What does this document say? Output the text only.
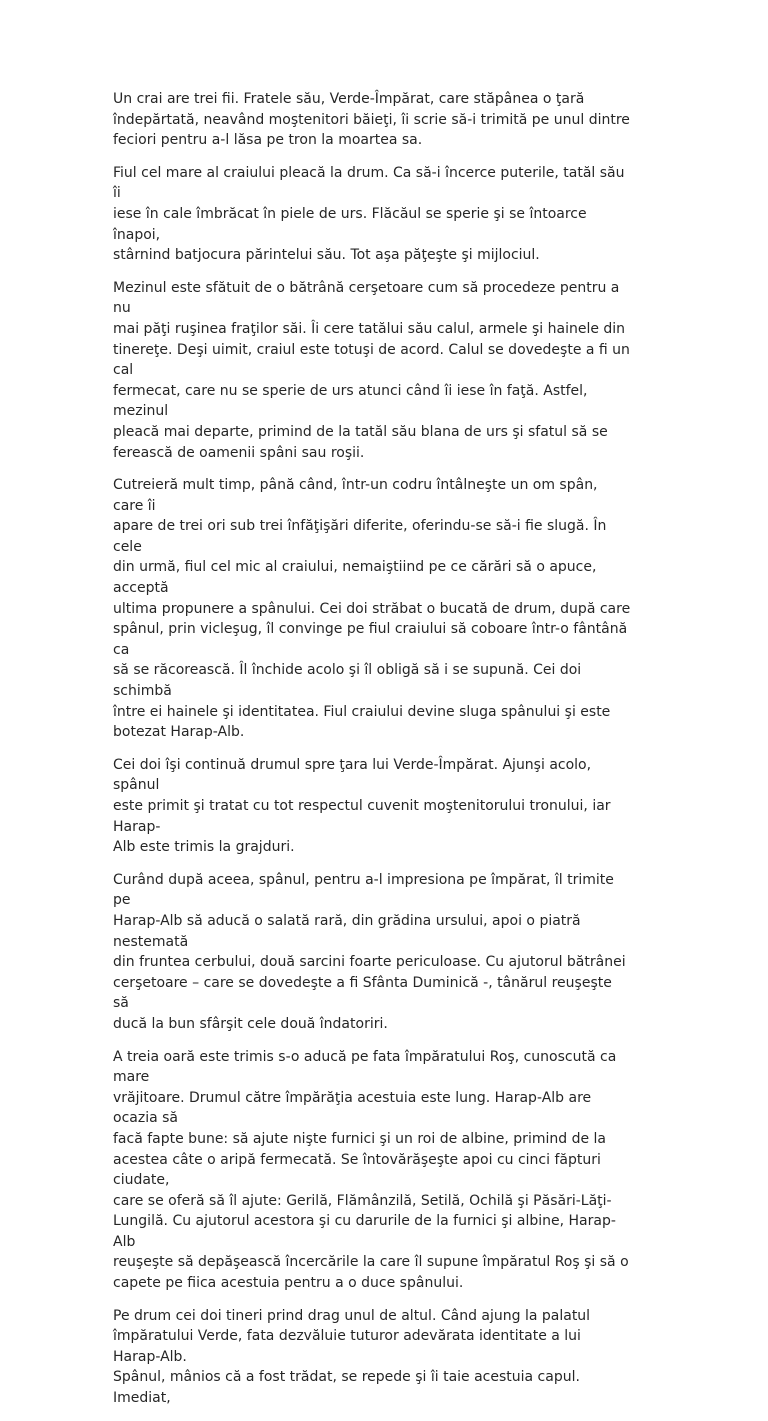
Un crai are trei fii. Fratele său, Verde-Împărat, care stăpânea o ţară
îndepărtată, neavând moştenitori băieţi, îi scrie să-i trimită pe unul dintre
feciori pentru a-l lăsa pe tron la moartea sa.

Fiul cel mare al craiului pleacă la drum. Ca să-i încerce puterile, tatăl său îi
iese în cale îmbrăcat în piele de urs. Flăcăul se sperie şi se întoarce înapoi,
stârnind batjocura părintelui său. Tot aşa păţeşte şi mijlociul.

Mezinul este sfătuit de o bătrână cerşetoare cum să procedeze pentru a nu
mai păţi ruşinea fraţilor săi. Îi cere tatălui său calul, armele şi hainele din
tinereţe. Deşi uimit, craiul este totuşi de acord. Calul se dovedeşte a fi un cal
fermecat, care nu se sperie de urs atunci când îi iese în faţă. Astfel, mezinul
pleacă mai departe, primind de la tatăl său blana de urs şi sfatul să se
ferească de oamenii spâni sau roşii.

Cutreieră mult timp, până când, într-un codru întâlneşte un om spân, care îi
apare de trei ori sub trei înfăţişări diferite, oferindu-se să-i fie slugă. În cele
din urmă, fiul cel mic al craiului, nemaiştiind pe ce cărări să o apuce, acceptă
ultima propunere a spânului. Cei doi străbat o bucată de drum, după care
spânul, prin vicleşug, îl convinge pe fiul craiului să coboare într-o fântână ca
să se răcorească. Îl închide acolo şi îl obligă să i se supună. Cei doi schimbă
între ei hainele şi identitatea. Fiul craiului devine sluga spânului şi este
botezat Harap-Alb.

Cei doi îşi continuă drumul spre ţara lui Verde-Împărat. Ajunşi acolo, spânul
este primit şi tratat cu tot respectul cuvenit moştenitorului tronului, iar Harap-
Alb este trimis la grajduri.

Curând după aceea, spânul, pentru a-l impresiona pe împărat, îl trimite pe
Harap-Alb să aducă o salată rară, din grădina ursului, apoi o piatră nestemată
din fruntea cerbului, două sarcini foarte periculoase. Cu ajutorul bătrânei
cerşetoare – care se dovedeşte a fi Sfânta Duminică -, tânărul reuşeşte să
ducă la bun sfârşit cele două îndatoriri.

A treia oară este trimis s-o aducă pe fata împăratului Roş, cunoscută ca mare
vrăjitoare. Drumul către împărăţia acestuia este lung. Harap-Alb are ocazia să
facă fapte bune: să ajute nişte furnici şi un roi de albine, primind de la
acestea câte o aripă fermecată. Se întovărăşeşte apoi cu cinci făpturi ciudate,
care se oferă să îl ajute: Gerilă, Flămânzilă, Setilă, Ochilă şi Păsări-Lăţi-
Lungilă. Cu ajutorul acestora şi cu darurile de la furnici şi albine, Harap-Alb
reuşeşte să depăşească încercările la care îl supune împăratul Roş şi să o
capete pe fiica acestuia pentru a o duce spânului.

Pe drum cei doi tineri prind drag unul de altul. Când ajung la palatul
împăratului Verde, fata dezvăluie tuturor adevărata identitate a lui Harap-Alb.
Spânul, mânios că a fost trădat, se repede şi îi taie acestuia capul. Imediat,
